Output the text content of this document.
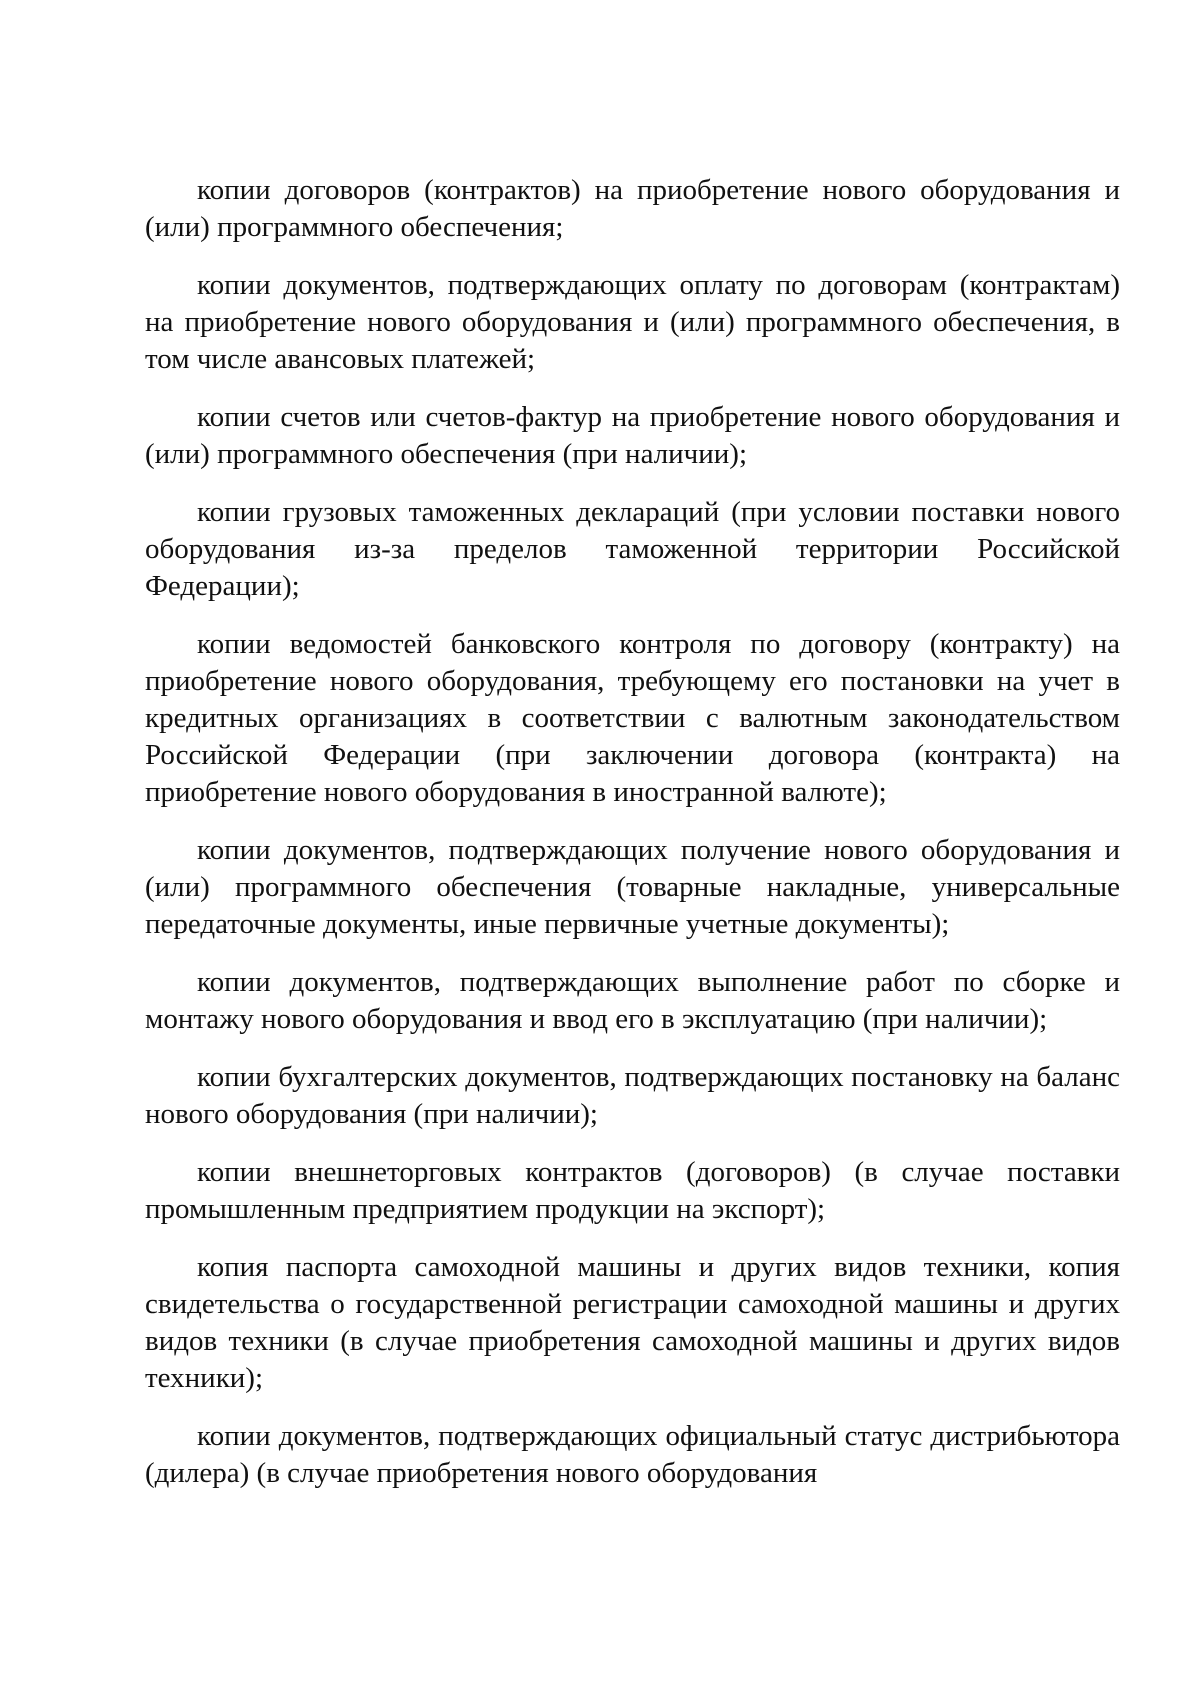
копии договоров (контрактов) на приобретение нового оборудования и (или) программного обеспечения;

копии документов, подтверждающих оплату по договорам (контрактам) на приобретение нового оборудования и (или) программного обеспечения, в том числе авансовых платежей;

копии счетов или счетов-фактур на приобретение нового оборудования и (или) программного обеспечения (при наличии);

копии грузовых таможенных деклараций (при условии поставки нового оборудования из-за пределов таможенной территории Российской Федерации);

копии ведомостей банковского контроля по договору (контракту) на приобретение нового оборудования, требующему его постановки на учет в кредитных организациях в соответствии с валютным законодательством Российской Федерации (при заключении договора (контракта) на приобретение нового оборудования в иностранной валюте);

копии документов, подтверждающих получение нового оборудования и (или) программного обеспечения (товарные накладные, универсальные передаточные документы, иные первичные учетные документы);

копии документов, подтверждающих выполнение работ по сборке и монтажу нового оборудования и ввод его в эксплуатацию (при наличии);

копии бухгалтерских документов, подтверждающих постановку на баланс нового оборудования (при наличии);

копии внешнеторговых контрактов (договоров) (в случае поставки промышленным предприятием продукции на экспорт);

копия паспорта самоходной машины и других видов техники, копия свидетельства о государственной регистрации самоходной машины и других видов техники (в случае приобретения самоходной машины и других видов техники);

копии документов, подтверждающих официальный статус дистрибьютора (дилера) (в случае приобретения нового оборудования
